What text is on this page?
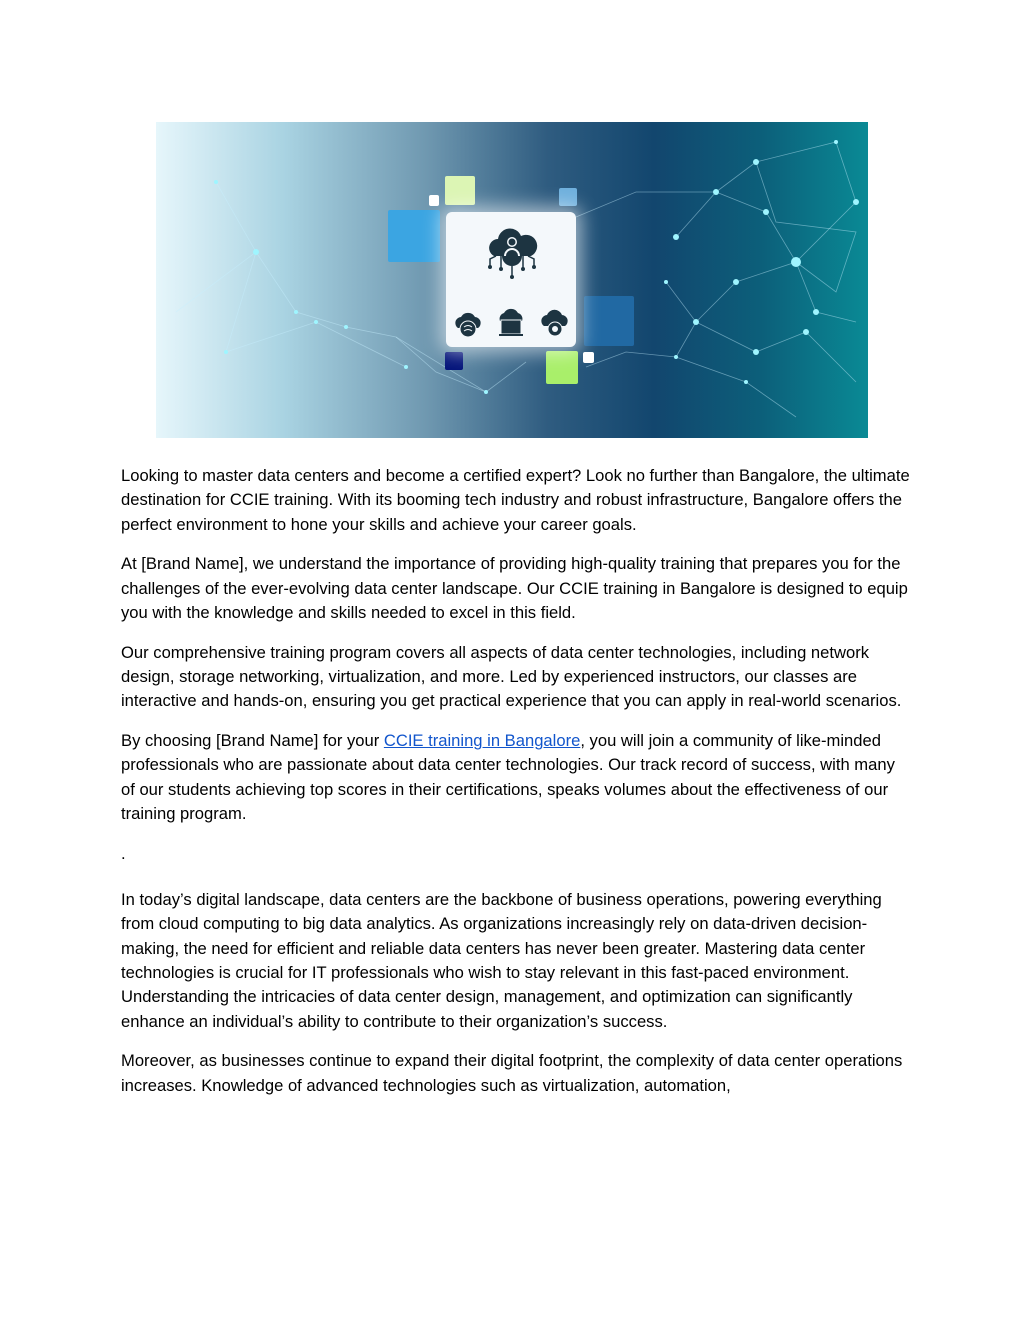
Looking to master data centers and become a certified expert? Look no further than Bangalore, the ultimate destination for CCIE training. With its booming tech industry and robust infrastructure, Bangalore offers the perfect environment to hone your skills and achieve your career goals.

At [Brand Name], we understand the importance of providing high-quality training that prepares you for the challenges of the ever-evolving data center landscape. Our CCIE training in Bangalore is designed to equip you with the knowledge and skills needed to excel in this field.

Our comprehensive training program covers all aspects of data center technologies, including network design, storage networking, virtualization, and more. Led by experienced instructors, our classes are interactive and hands-on, ensuring you get practical experience that you can apply in real-world scenarios.

By choosing [Brand Name] for your CCIE training in Bangalore, you will join a community of like-minded professionals who are passionate about data center technologies. Our track record of success, with many of our students achieving top scores in their certifications, speaks volumes about the effectiveness of our training program.

.

In today’s digital landscape, data centers are the backbone of business operations, powering everything from cloud computing to big data analytics. As organizations increasingly rely on data-driven decision-making, the need for efficient and reliable data centers has never been greater. Mastering data center technologies is crucial for IT professionals who wish to stay relevant in this fast-paced environment. Understanding the intricacies of data center design, management, and optimization can significantly enhance an individual’s ability to contribute to their organization’s success.

Moreover, as businesses continue to expand their digital footprint, the complexity of data center operations increases. Knowledge of advanced technologies such as virtualization, automation,
